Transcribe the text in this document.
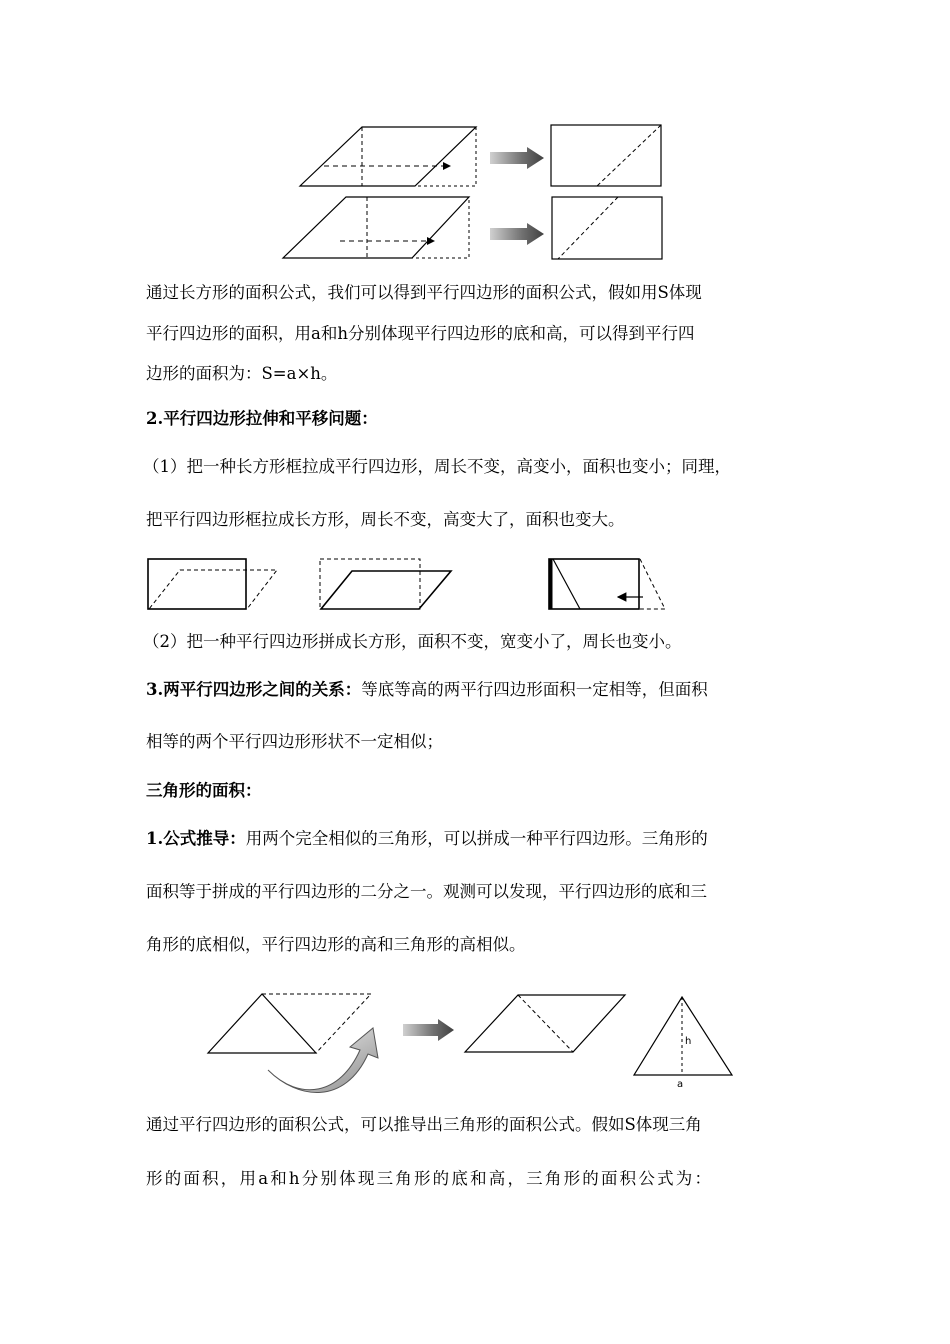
通过长方形的面积公式，我们可以得到平行四边形的面积公式，假如用S体现
平行四边形的面积，用a和h分别体现平行四边形的底和高，可以得到平行四
边形的面积为：S=a×h。
2.平行四边形拉伸和平移问题：
（1）把一种长方形框拉成平行四边形，周长不变，高变小，面积也变小；同理，
把平行四边形框拉成长方形，周长不变，高变大了，面积也变大。
（2）把一种平行四边形拼成长方形，面积不变，宽变小了，周长也变小。
3.两平行四边形之间的关系：等底等高的两平行四边形面积一定相等，但面积
相等的两个平行四边形形状不一定相似；
三角形的面积：
1.公式推导：用两个完全相似的三角形，可以拼成一种平行四边形。三角形的
面积等于拼成的平行四边形的二分之一。观测可以发现，平行四边形的底和三
角形的底相似，平行四边形的高和三角形的高相似。
h
a
通过平行四边形的面积公式，可以推导出三角形的面积公式。假如S体现三角
形的面积，用a和h分别体现三角形的底和高，三角形的面积公式为：
